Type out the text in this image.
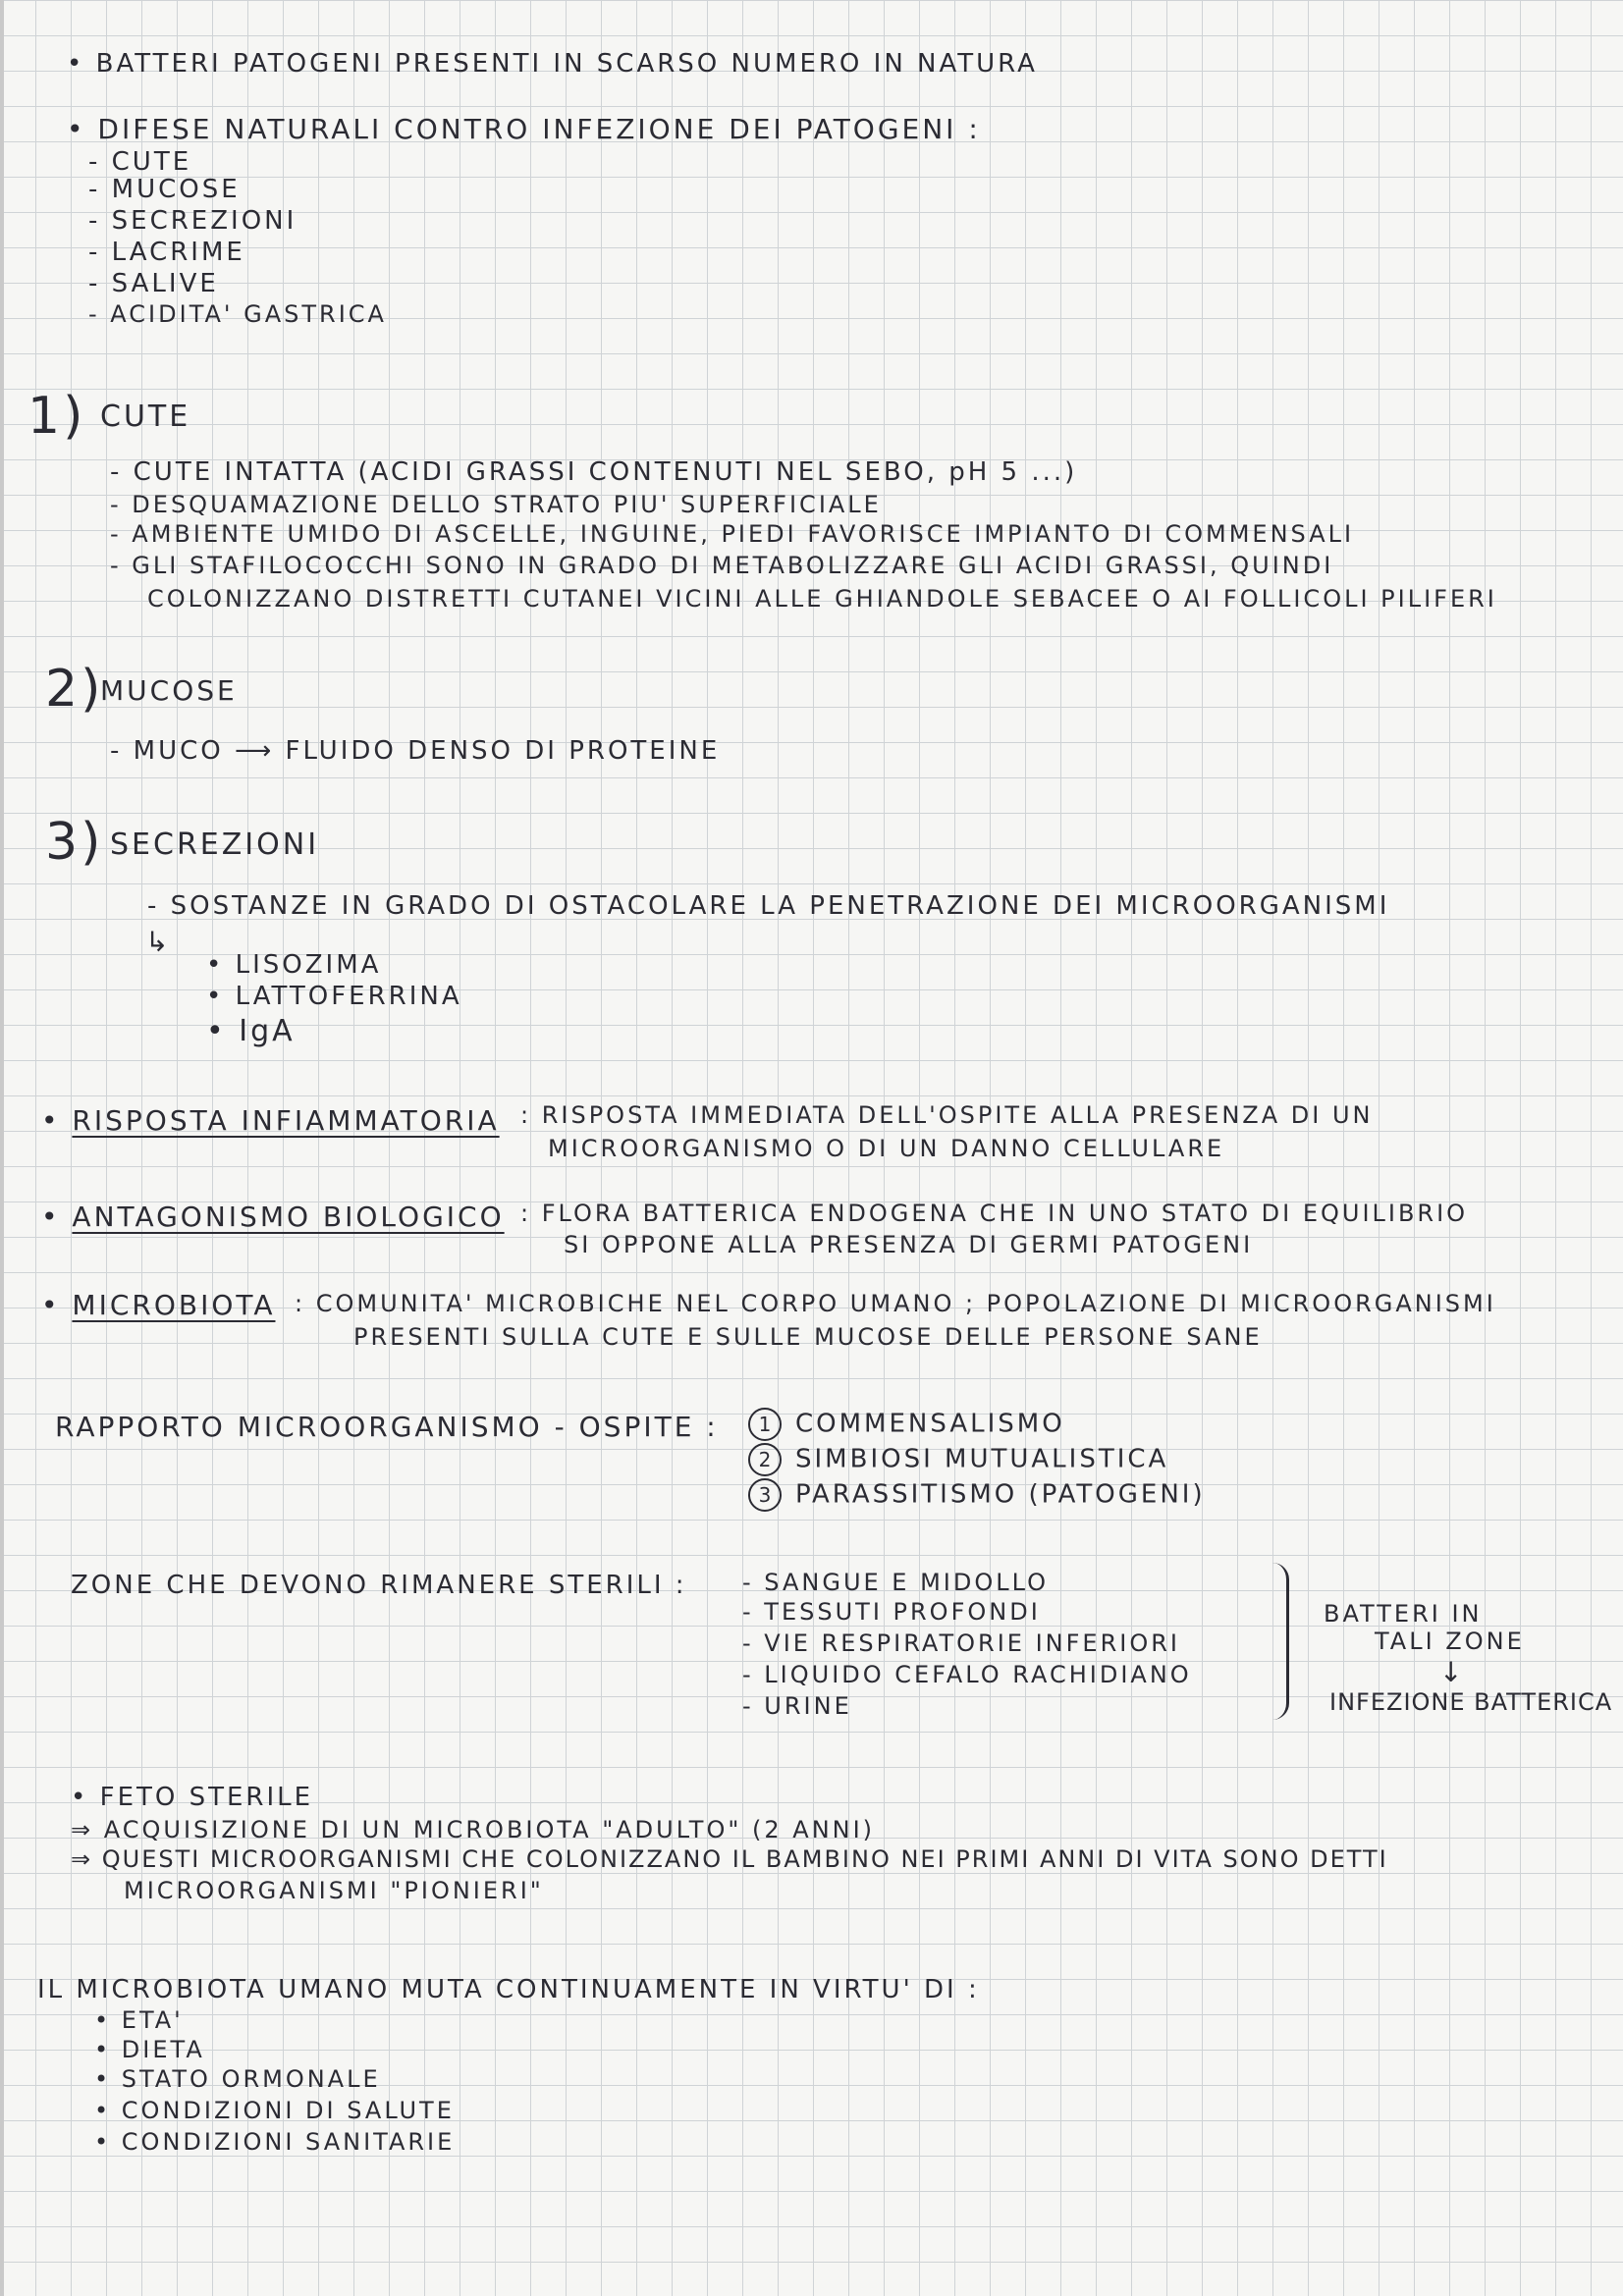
• BATTERI PATOGENI PRESENTI IN SCARSO NUMERO IN NATURA
• DIFESE NATURALI CONTRO INFEZIONE DEI PATOGENI :
- CUTE
- MUCOSE
- SECREZIONI
- LACRIME
- SALIVE
- ACIDITA' GASTRICA
1) CUTE
- CUTE INTATTA (ACIDI GRASSI CONTENUTI NEL SEBO, pH 5 ...)
- DESQUAMAZIONE DELLO STRATO PIU' SUPERFICIALE
- AMBIENTE UMIDO DI ASCELLE, INGUINE, PIEDI FAVORISCE IMPIANTO DI COMMENSALI
- GLI STAFILOCOCCHI SONO IN GRADO DI METABOLIZZARE GLI ACIDI GRASSI, QUINDI
COLONIZZANO DISTRETTI CUTANEI VICINI ALLE GHIANDOLE SEBACEE O AI FOLLICOLI PILIFERI
2)
MUCOSE
- MUCO ⟶ FLUIDO DENSO DI PROTEINE
3) SECREZIONI
- SOSTANZE IN GRADO DI OSTACOLARE LA PENETRAZIONE DEI MICROORGANISMI
↳
• LISOZIMA
• LATTOFERRINA
• IgA
• RISPOSTA INFIAMMATORIA : RISPOSTA IMMEDIATA DELL'OSPITE ALLA PRESENZA DI UN
MICROORGANISMO O DI UN DANNO CELLULARE
• ANTAGONISMO BIOLOGICO : FLORA BATTERICA ENDOGENA CHE IN UNO STATO DI EQUILIBRIO
SI OPPONE ALLA PRESENZA DI GERMI PATOGENI
• MICROBIOTA : COMUNITA' MICROBICHE NEL CORPO UMANO ; POPOLAZIONE DI MICROORGANISMI
PRESENTI SULLA CUTE E SULLE MUCOSE DELLE PERSONE SANE
RAPPORTO MICROORGANISMO - OSPITE :	1 COMMENSALISMO
2 SIMBIOSI MUTUALISTICA
3 PARASSITISMO (PATOGENI)
ZONE CHE DEVONO RIMANERE STERILI : - SANGUE E MIDOLLO
- TESSUTI PROFONDI
- VIE RESPIRATORIE INFERIORI
- LIQUIDO CEFALO RACHIDIANO
- URINE
BATTERI IN
TALI ZONE
↓
INFEZIONE BATTERICA
• FETO STERILE
⇒ ACQUISIZIONE DI UN MICROBIOTA "ADULTO" (2 ANNI)
⇒ QUESTI MICROORGANISMI CHE COLONIZZANO IL BAMBINO NEI PRIMI ANNI DI VITA SONO DETTI
MICROORGANISMI "PIONIERI"
IL MICROBIOTA UMANO MUTA CONTINUAMENTE IN VIRTU' DI :
• ETA'
• DIETA
• STATO ORMONALE
• CONDIZIONI DI SALUTE
• CONDIZIONI SANITARIE
